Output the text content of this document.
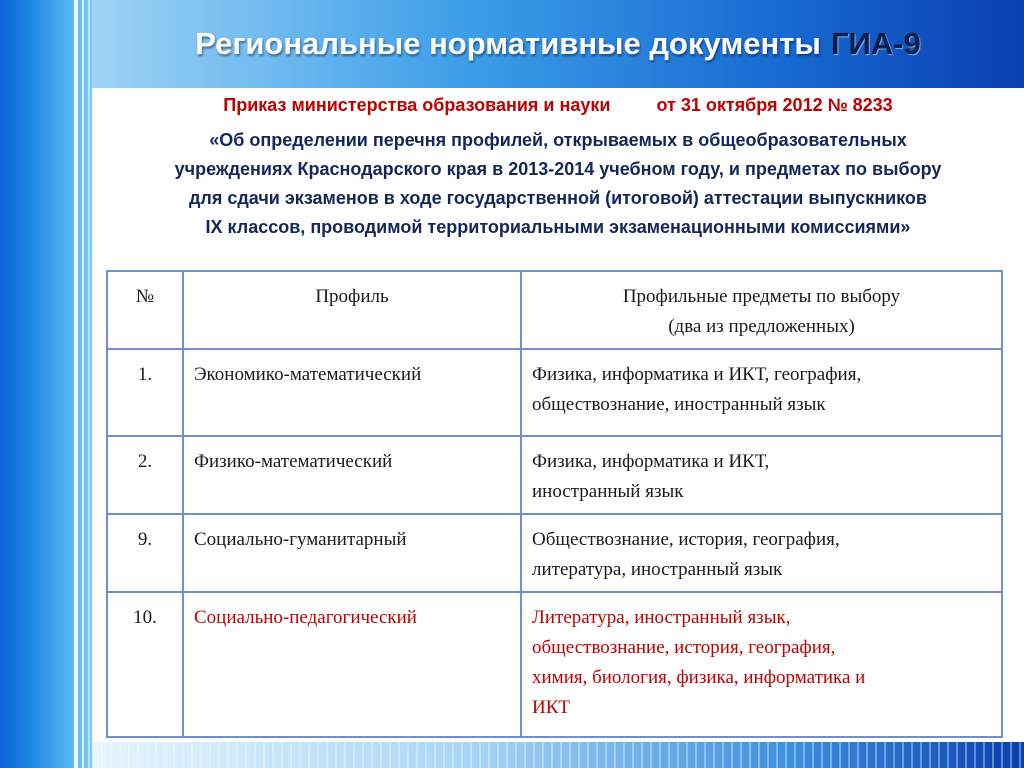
Региональные нормативные документы ГИА-9
Приказ министерства образования и науки	от 31 октября 2012 № 8233
«Об определении перечня профилей, открываемых в общеобразовательных
учреждениях Краснодарского края в 2013-2014 учебном году, и предметах по выбору
для сдачи экзаменов в ходе государственной (итоговой) аттестации выпускников
IX классов, проводимой территориальными экзаменационными комиссиями»
№	Профиль	Профильные предметы по выбору
(два из предложенных)

1.	Экономико-математический	Физика, информатика и ИКТ, география,
обществознание, иностранный язык

2.	Физико-математический	Физика, информатика и ИКТ,
иностранный язык

9.	Социально-гуманитарный	Обществознание, история, география,
литература, иностранный язык

10.	Социально-педагогический	Литература, иностранный язык,
обществознание, история, география,
химия, биология, физика, информатика и
ИКТ
